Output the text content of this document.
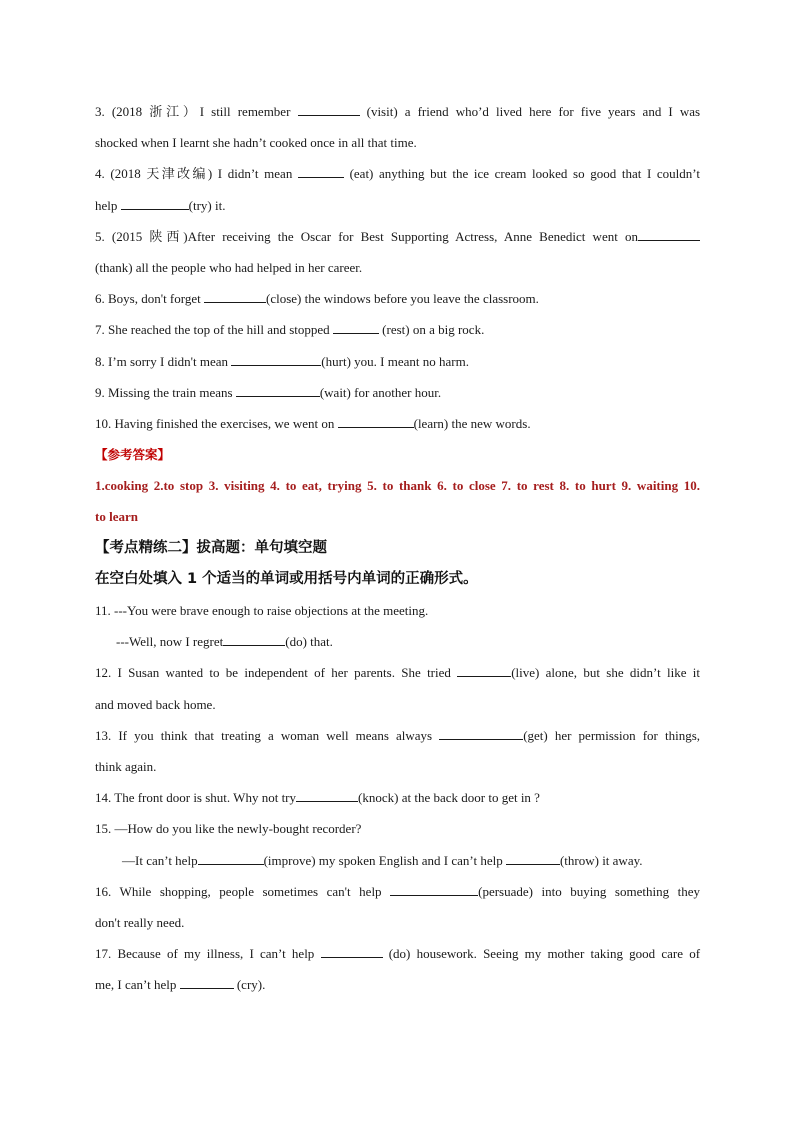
3. (2018 浙江）I still remember	(visit) a friend who’d lived here for five years and I was
shocked when I learnt she hadn’t cooked once in all that time.
4. (2018 天津改编) I didn’t mean	(eat) anything but the ice cream looked so good that I couldn’t
help	(try) it.
5. (2015 陕西)After receiving the Oscar for Best Supporting Actress, Anne Benedict went on
(thank) all the people who had helped in her career.
6. Boys, don't forget	(close) the windows before you leave the classroom.
7. She reached the top of the hill and stopped	(rest) on a big rock.
8. I’m sorry I didn't mean	(hurt) you. I meant no harm.
9. Missing the train means	(wait) for another hour.
10. Having finished the exercises, we went on	(learn) the new words.
【参考答案】
1.cooking 2.to stop 3. visiting 4. to eat, trying 5. to thank 6. to close 7. to rest 8. to hurt 9. waiting 10.
to learn
【考点精练二】拔高题：单句填空题
在空白处填入 1 个适当的单词或用括号内单词的正确形式。
11. ---You were brave enough to raise objections at the meeting.
---Well, now I regret	(do) that.
12. I Susan wanted to be independent of her parents. She tried	(live) alone, but she didn’t like it
and moved back home.
13. If you think that treating a woman well means always	(get) her permission for things,
think again.
14. The front door is shut. Why not try	(knock) at the back door to get in ?
15. —How do you like the newly-bought recorder?
—It can’t help	(improve) my spoken English and I can’t help	(throw) it away.
16. While shopping, people sometimes can't help	(persuade) into buying something they
don't really need.
17. Because of my illness, I can’t help	(do) housework. Seeing my mother taking good care of
me, I can’t help	(cry).
